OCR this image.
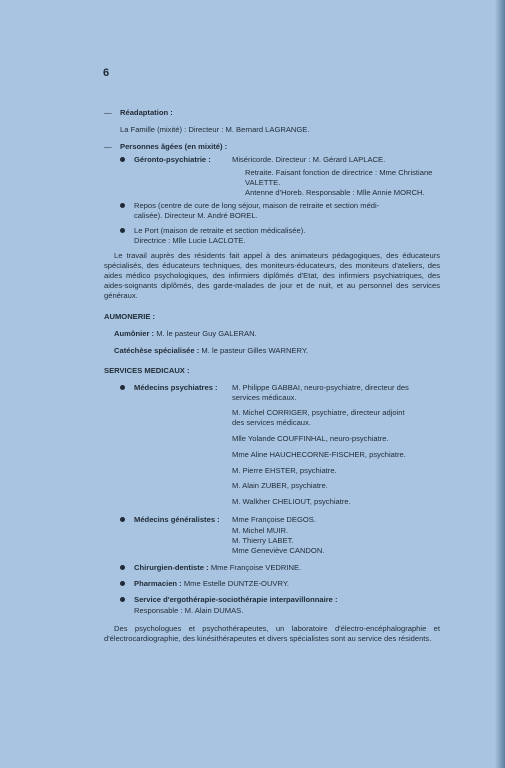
6
— Réadaptation :
La Famille (mixité) : Directeur : M. Bernard LAGRANGE.
— Personnes âgées (en mixité) :
Géronto-psychiatrie :	Miséricorde. Directeur : M. Gérard LAPLACE.
Retraite. Faisant fonction de directrice : Mme Christiane
VALETTE.
Antenne d'Horeb. Responsable : Mlle Annie MORCH.
Repos (centre de cure de long séjour, maison de retraite et section médi-
calisée). Directeur M. André BOREL.
Le Port (maison de retraite et section médicalisée).
Directrice : Mlle Lucie LACLOTE.
Le travail auprès des résidents fait appel à des animateurs pédagogiques, des éducateurs spécialisés, des éducateurs techniques, des moniteurs-éducateurs, des moniteurs d'ateliers, des aides médico psychologiques, des infirmiers diplômés d'Etat, des infirmiers psychiatriques, des aides-soignants diplômés, des garde-malades de jour et de nuit, et au personnel des services généraux.
AUMONERIE :
Aumônier : M. le pasteur Guy GALERAN.
Catéchèse spécialisée : M. le pasteur Gilles WARNERY.
SERVICES MEDICAUX :
Médecins psychiatres : M. Philippe GABBAI, neuro-psychiatre, directeur des
services médicaux.
M. Michel CORRIGER, psychiatre, directeur adjoint
des services médicaux.
Mlle Yolande COUFFINHAL, neuro-psychiatre.
Mme Aline HAUCHECORNE-FISCHER, psychiatre.
M. Pierre EHSTER, psychiatre.
M. Alain ZUBER, psychiatre.
M. Walkher CHELIOUT, psychiatre.
Médecins généralistes : Mme Françoise DEGOS.
M. Michel MUIR.
M. Thierry LABET.
Mme Geneviève CANDON.
Chirurgien-dentiste : Mme Françoise VEDRINE.
Pharmacien : Mme Estelle DUNTZE-OUVRY.
Service d'ergothérapie-sociothérapie interpavillonnaire :
Responsable : M. Alain DUMAS.
Des psychologues et psychothérapeutes, un laboratoire d'électro-encéphalographie et d'électrocardiographie, des kinésithérapeutes et divers spécialistes sont au service des résidents.
